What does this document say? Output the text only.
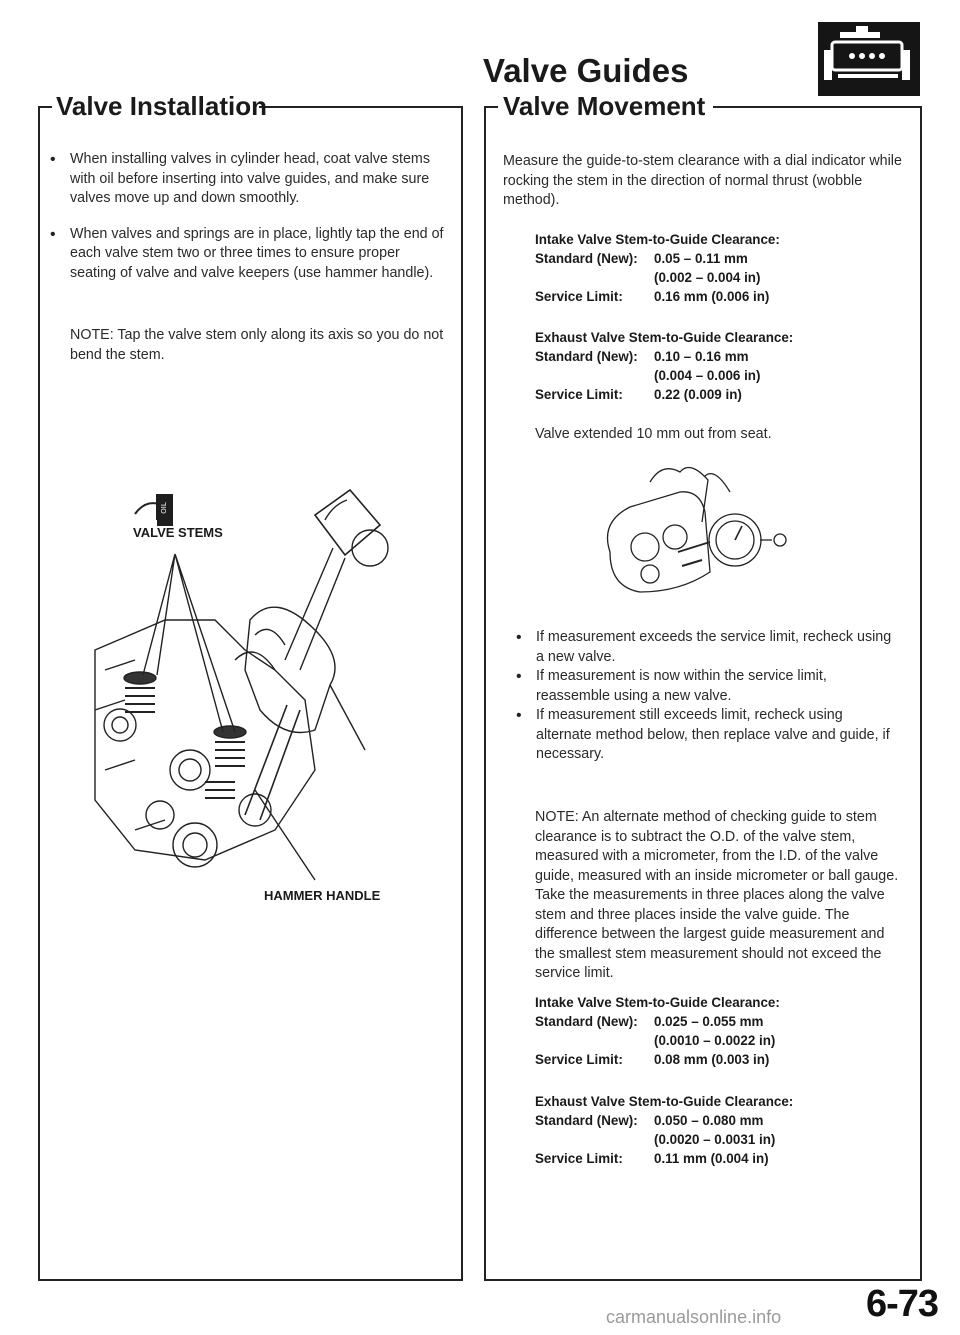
Valve Guides
Valve Installation
• When installing valves in cylinder head, coat valve stems with oil before inserting into valve guides, and make sure valves move up and down smoothly.
• When valves and springs are in place, lightly tap the end of each valve stem two or three times to ensure proper seating of valve and valve keepers (use hammer handle).

NOTE: Tap the valve stem only along its axis so you do not bend the stem.

OIL
VALVE STEMS
HAMMER HANDLE
Valve Movement

Measure the guide-to-stem clearance with a dial indicator while rocking the stem in the direction of normal thrust (wobble method).

Intake Valve Stem-to-Guide Clearance:
Standard (New):	0.05 – 0.11 mm
(0.002 – 0.004 in)
Service Limit:	0.16 mm (0.006 in)
Exhaust Valve Stem-to-Guide Clearance:
Standard (New):	0.10 – 0.16 mm
(0.004 – 0.006 in)
Service Limit:	0.22 (0.009 in)

Valve extended 10 mm out from seat.

• If measurement exceeds the service limit, recheck using a new valve.
• If measurement is now within the service limit, reassemble using a new valve.
• If measurement still exceeds limit, recheck using alternate method below, then replace valve and guide, if necessary.

NOTE: An alternate method of checking guide to stem clearance is to subtract the O.D. of the valve stem, measured with a micrometer, from the I.D. of the valve guide, measured with an inside micrometer or ball gauge.

Take the measurements in three places along the valve stem and three places inside the valve guide. The difference between the largest guide measurement and the smallest stem measurement should not exceed the service limit.

Intake Valve Stem-to-Guide Clearance:
Standard (New):	0.025 – 0.055 mm
(0.0010 – 0.0022 in)
Service Limit:	0.08 mm (0.003 in)
Exhaust Valve Stem-to-Guide Clearance:
Standard (New):	0.050 – 0.080 mm
(0.0020 – 0.0031 in)
Service Limit:	0.11 mm (0.004 in)
6-73
carmanualsonline.info
